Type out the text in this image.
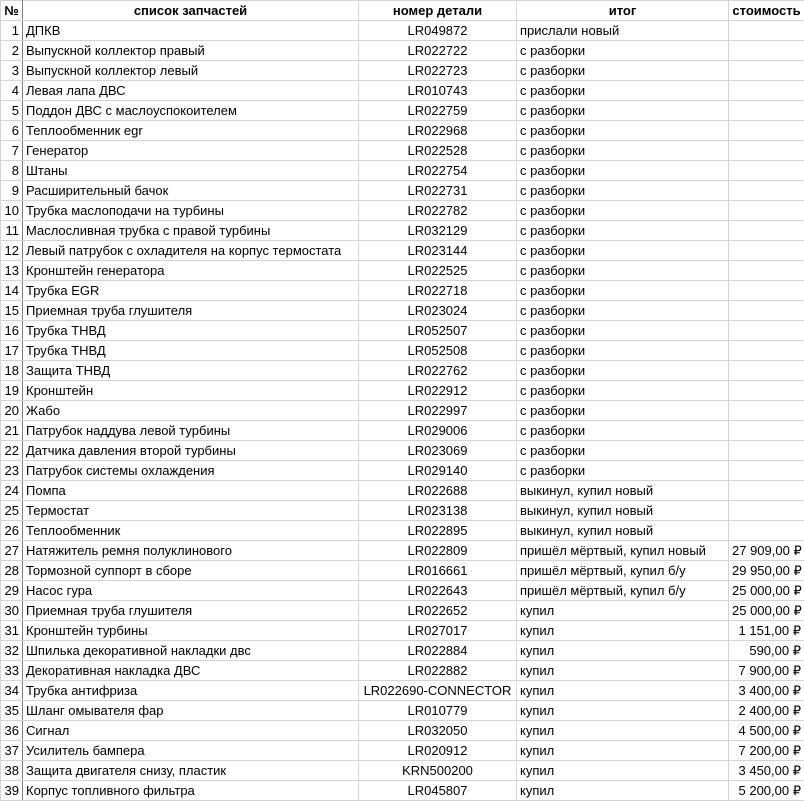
№	список запчастей	номер детали	итог	стоимость
1	ДПКВ	LR049872	прислали новый	
2	Выпускной коллектор правый	LR022722	с разборки	
3	Выпускной коллектор левый	LR022723	с разборки	
4	Левая лапа ДВС	LR010743	с разборки	
5	Поддон ДВС с маслоуспокоителем	LR022759	с разборки	
6	Теплообменник egr	LR022968	с разборки	
7	Генератор	LR022528	с разборки	
8	Штаны	LR022754	с разборки	
9	Расширительный бачок	LR022731	с разборки	
10	Трубка маслоподачи на турбины	LR022782	с разборки	
11	Маслосливная трубка с правой турбины	LR032129	с разборки	
12	Левый патрубок с охладителя на корпус термостата	LR023144	с разборки	
13	Кронштейн генератора	LR022525	с разборки	
14	Трубка EGR	LR022718	с разборки	
15	Приемная труба глушителя	LR023024	с разборки	
16	Трубка ТНВД	LR052507	с разборки	
17	Трубка ТНВД	LR052508	с разборки	
18	Защита ТНВД	LR022762	с разборки	
19	Кронштейн	LR022912	с разборки	
20	Жабо	LR022997	с разборки	
21	Патрубок наддува левой турбины	LR029006	с разборки	
22	Датчика давления второй турбины	LR023069	с разборки	
23	Патрубок системы охлаждения	LR029140	с разборки	
24	Помпа	LR022688	выкинул, купил новый	
25	Термостат	LR023138	выкинул, купил новый	
26	Теплообменник	LR022895	выкинул, купил новый	
27	Натяжитель ремня полуклинового	LR022809	пришёл мёртвый, купил новый	27 909,00 ₽
28	Тормозной суппорт в сборе	LR016661	пришёл мёртвый, купил б/у	29 950,00 ₽
29	Насос гура	LR022643	пришёл мёртвый, купил б/у	25 000,00 ₽
30	Приемная труба глушителя	LR022652	купил	25 000,00 ₽
31	Кронштейн турбины	LR027017	купил	1 151,00 ₽
32	Шпилька декоративной накладки двс	LR022884	купил	590,00 ₽
33	Декоративная накладка ДВС	LR022882	купил	7 900,00 ₽
34	Трубка антифриза	LR022690-CONNECTOR	купил	3 400,00 ₽
35	Шланг омывателя фар	LR010779	купил	2 400,00 ₽
36	Сигнал	LR032050	купил	4 500,00 ₽
37	Усилитель бампера	LR020912	купил	7 200,00 ₽
38	Защита двигателя снизу, пластик	KRN500200	купил	3 450,00 ₽
39	Корпус топливного фильтра	LR045807	купил	5 200,00 ₽
